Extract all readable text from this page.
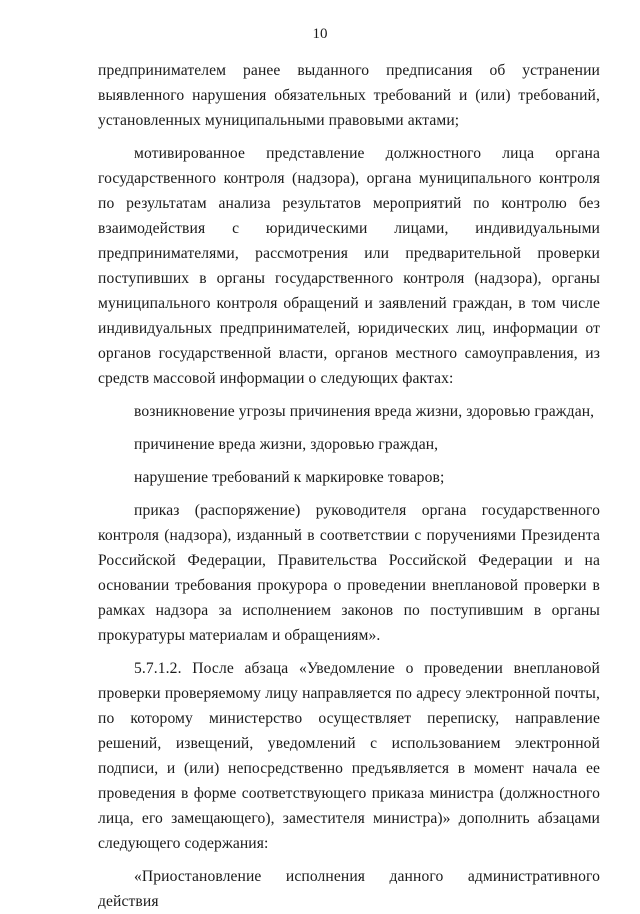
10

предпринимателем ранее выданного предписания об устранении выявленного нарушения обязательных требований и (или) требований, установленных муниципальными правовыми актами;

мотивированное представление должностного лица органа государственного контроля (надзора), органа муниципального контроля по результатам анализа результатов мероприятий по контролю без взаимодействия с юридическими лицами, индивидуальными предпринимателями, рассмотрения или предварительной проверки поступивших в органы государственного контроля (надзора), органы муниципального контроля обращений и заявлений граждан, в том числе индивидуальных предпринимателей, юридических лиц, информации от органов государственной власти, органов местного самоуправления, из средств массовой информации о следующих фактах:

возникновение угрозы причинения вреда жизни, здоровью граждан,

причинение вреда жизни, здоровью граждан,

нарушение требований к маркировке товаров;

приказ (распоряжение) руководителя органа государственного контроля (надзора), изданный в соответствии с поручениями Президента Российской Федерации, Правительства Российской Федерации и на основании требования прокурора о проведении внеплановой проверки в рамках надзора за исполнением законов по поступившим в органы прокуратуры материалам и обращениям».

5.7.1.2. После абзаца «Уведомление о проведении внеплановой проверки проверяемому лицу направляется по адресу электронной почты, по которому министерство осуществляет переписку, направление решений, извещений, уведомлений с использованием электронной подписи, и (или) непосредственно предъявляется в момент начала ее проведения в форме соответствующего приказа министра (должностного лица, его замещающего), заместителя министра)» дополнить абзацами следующего содержания:

«Приостановление исполнения данного административного действия
